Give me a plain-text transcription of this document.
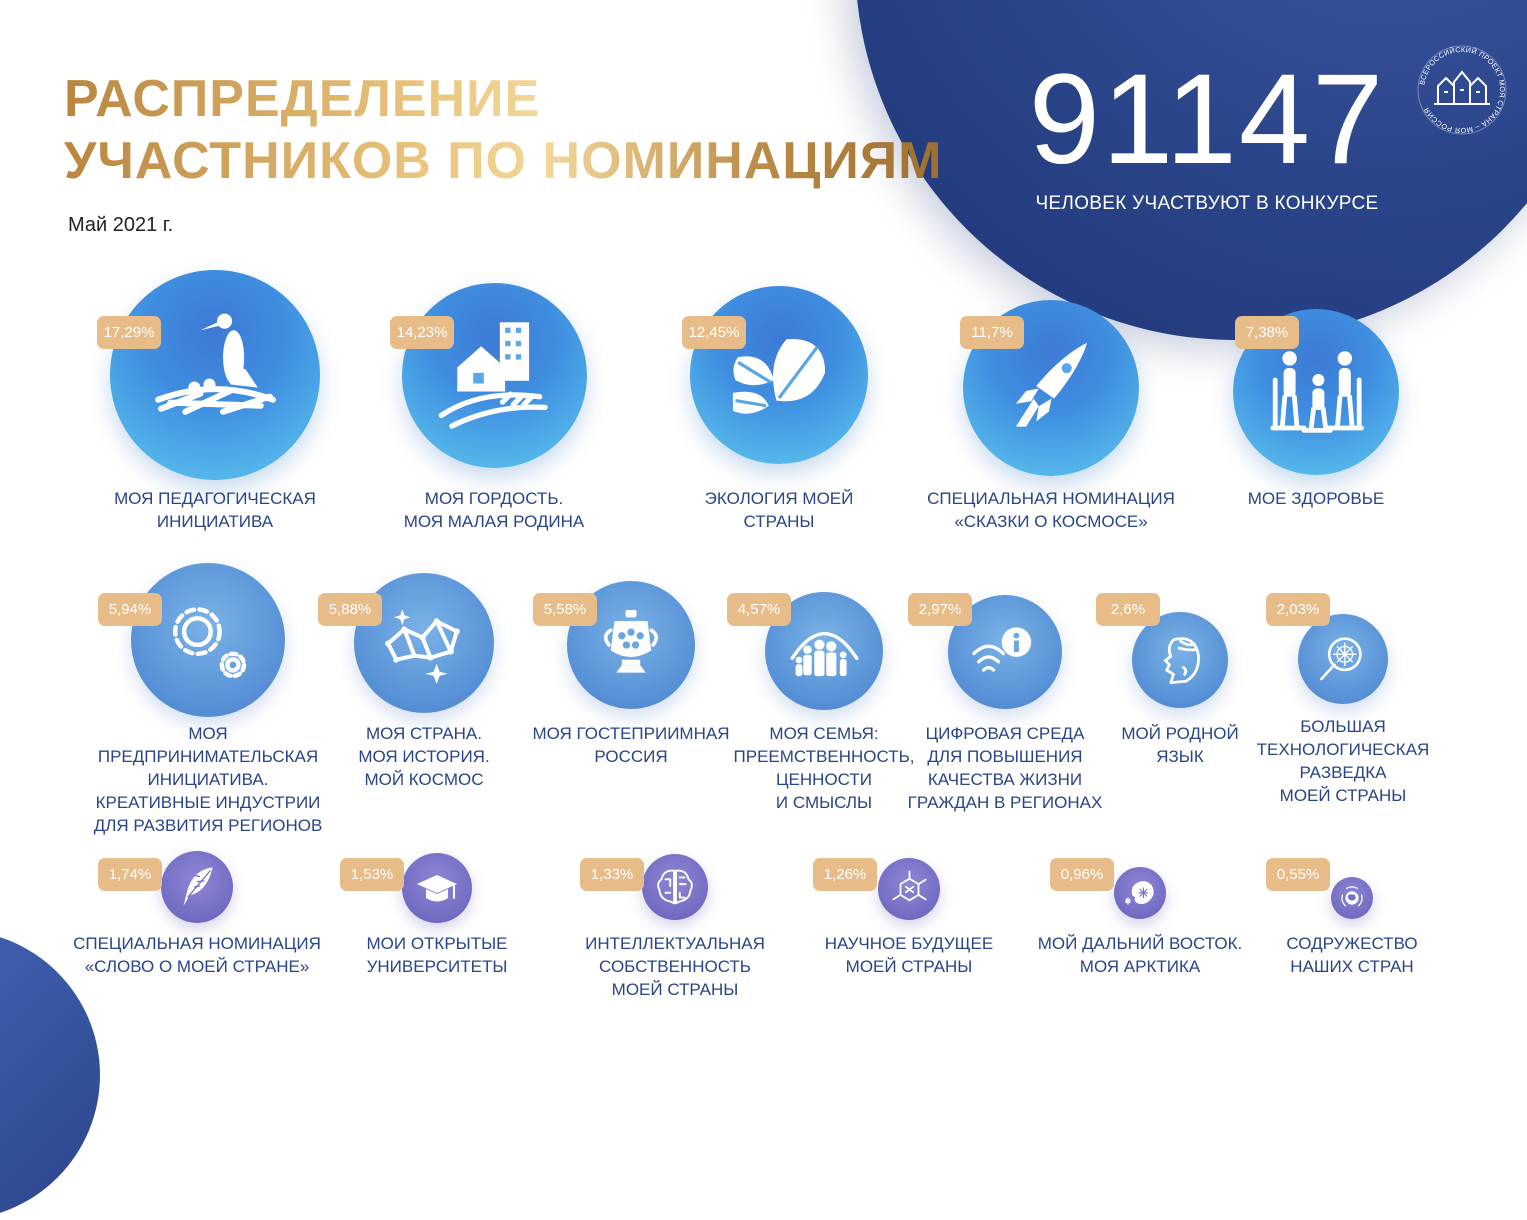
РАСПРЕДЕЛЕНИЕ
УЧАСТНИКОВ ПО НОМИНАЦИЯМ
Май 2021 г.
91147
ЧЕЛОВЕК УЧАСТВУЮТ В КОНКУРСЕ
ВСЕРОССИЙСКИЙ ПРОЕКТ МОЯ СТРАНА – МОЯ РОССИЯ
17,29%
МОЯ ПЕДАГОГИЧЕСКАЯ
ИНИЦИАТИВА
14,23%
МОЯ ГОРДОСТЬ.
МОЯ МАЛАЯ РОДИНА
12,45%
ЭКОЛОГИЯ МОЕЙ
СТРАНЫ
11,7%
СПЕЦИАЛЬНАЯ НОМИНАЦИЯ
«СКАЗКИ О КОСМОСЕ»
7,38%
МОЕ ЗДОРОВЬЕ
5,94%
МОЯ ПРЕДПРИНИМАТЕЛЬСКАЯ
ИНИЦИАТИВА.
КРЕАТИВНЫЕ ИНДУСТРИИ
ДЛЯ РАЗВИТИЯ РЕГИОНОВ
5,88%
МОЯ СТРАНА.
МОЯ ИСТОРИЯ.
МОЙ КОСМОС
5,58%
МОЯ ГОСТЕПРИИМНАЯ
РОССИЯ
4,57%
МОЯ СЕМЬЯ:
ПРЕЕМСТВЕННОСТЬ,
ЦЕННОСТИ
И СМЫСЛЫ
2,97%
ЦИФРОВАЯ СРЕДА
ДЛЯ ПОВЫШЕНИЯ
КАЧЕСТВА ЖИЗНИ
ГРАЖДАН В РЕГИОНАХ
2,6%
МОЙ РОДНОЙ
ЯЗЫК
2,03%
БОЛЬШАЯ
ТЕХНОЛОГИЧЕСКАЯ
РАЗВЕДКА
МОЕЙ СТРАНЫ
1,74%
СПЕЦИАЛЬНАЯ НОМИНАЦИЯ
«СЛОВО О МОЕЙ СТРАНЕ»
1,53%
МОИ ОТКРЫТЫЕ
УНИВЕРСИТЕТЫ
1,33%
ИНТЕЛЛЕКТУАЛЬНАЯ
СОБСТВЕННОСТЬ
МОЕЙ СТРАНЫ
1,26%
НАУЧНОЕ БУДУЩЕЕ
МОЕЙ СТРАНЫ
0,96%
МОЙ ДАЛЬНИЙ ВОСТОК.
МОЯ АРКТИКА
0,55%
СОДРУЖЕСТВО
НАШИХ СТРАН
